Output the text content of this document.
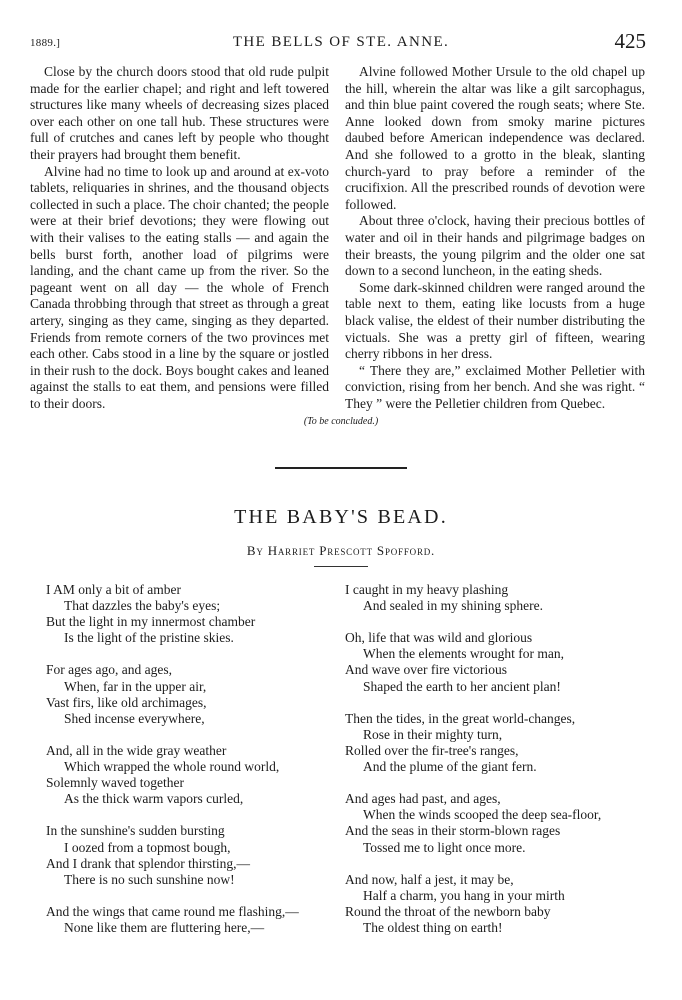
1889.]	THE BELLS OF STE. ANNE.	425

Close by the church doors stood that old rude pulpit made for the earlier chapel; and right and left towered structures like many wheels of decreasing sizes placed over each other on one tall hub. These structures were full of crutches and canes left by people who thought their prayers had brought them benefit.

Alvine had no time to look up and around at ex-voto tablets, reliquaries in shrines, and the thousand objects collected in such a place. The choir chanted; the people were at their brief devotions; they were flowing out with their valises to the eating stalls — and again the bells burst forth, another load of pilgrims were landing, and the chant came up from the river. So the pageant went on all day — the whole of French Canada throbbing through that street as through a great artery, singing as they came, singing as they departed. Friends from remote corners of the two provinces met each other. Cabs stood in a line by the square or jostled in their rush to the dock. Boys bought cakes and leaned against the stalls to eat them, and pensions were filled to their doors.

Alvine followed Mother Ursule to the old chapel up the hill, wherein the altar was like a gilt sarcophagus, and thin blue paint covered the rough seats; where Ste. Anne looked down from smoky marine pictures daubed before American independence was declared. And she followed to a grotto in the bleak, slanting church-yard to pray before a reminder of the crucifixion. All the prescribed rounds of devotion were followed.

About three o'clock, having their precious bottles of water and oil in their hands and pilgrimage badges on their breasts, the young pilgrim and the older one sat down to a second luncheon, in the eating sheds.

Some dark-skinned children were ranged around the table next to them, eating like locusts from a huge black valise, the eldest of their number distributing the victuals. She was a pretty girl of fifteen, wearing cherry ribbons in her dress.

“ There they are,” exclaimed Mother Pelletier with conviction, rising from her bench. And she was right. “ They ” were the Pelletier children from Quebec.

(To be concluded.)
THE BABY'S BEAD.
By Harriet Prescott Spofford.
I AM only a bit of amber
That dazzles the baby's eyes;
But the light in my innermost chamber
Is the light of the pristine skies.
For ages ago, and ages,
When, far in the upper air,
Vast firs, like old archimages,
Shed incense everywhere,
And, all in the wide gray weather
Which wrapped the whole round world,
Solemnly waved together
As the thick warm vapors curled,
In the sunshine's sudden bursting
I oozed from a topmost bough,
And I drank that splendor thirsting,—
There is no such sunshine now!
And the wings that came round me flashing,—
None like them are fluttering here,—
I caught in my heavy plashing
And sealed in my shining sphere.
Oh, life that was wild and glorious
When the elements wrought for man,
And wave over fire victorious
Shaped the earth to her ancient plan!
Then the tides, in the great world-changes,
Rose in their mighty turn,
Rolled over the fir-tree's ranges,
And the plume of the giant fern.
And ages had past, and ages,
When the winds scooped the deep sea-floor,
And the seas in their storm-blown rages
Tossed me to light once more.
And now, half a jest, it may be,
Half a charm, you hang in your mirth
Round the throat of the newborn baby
The oldest thing on earth!
